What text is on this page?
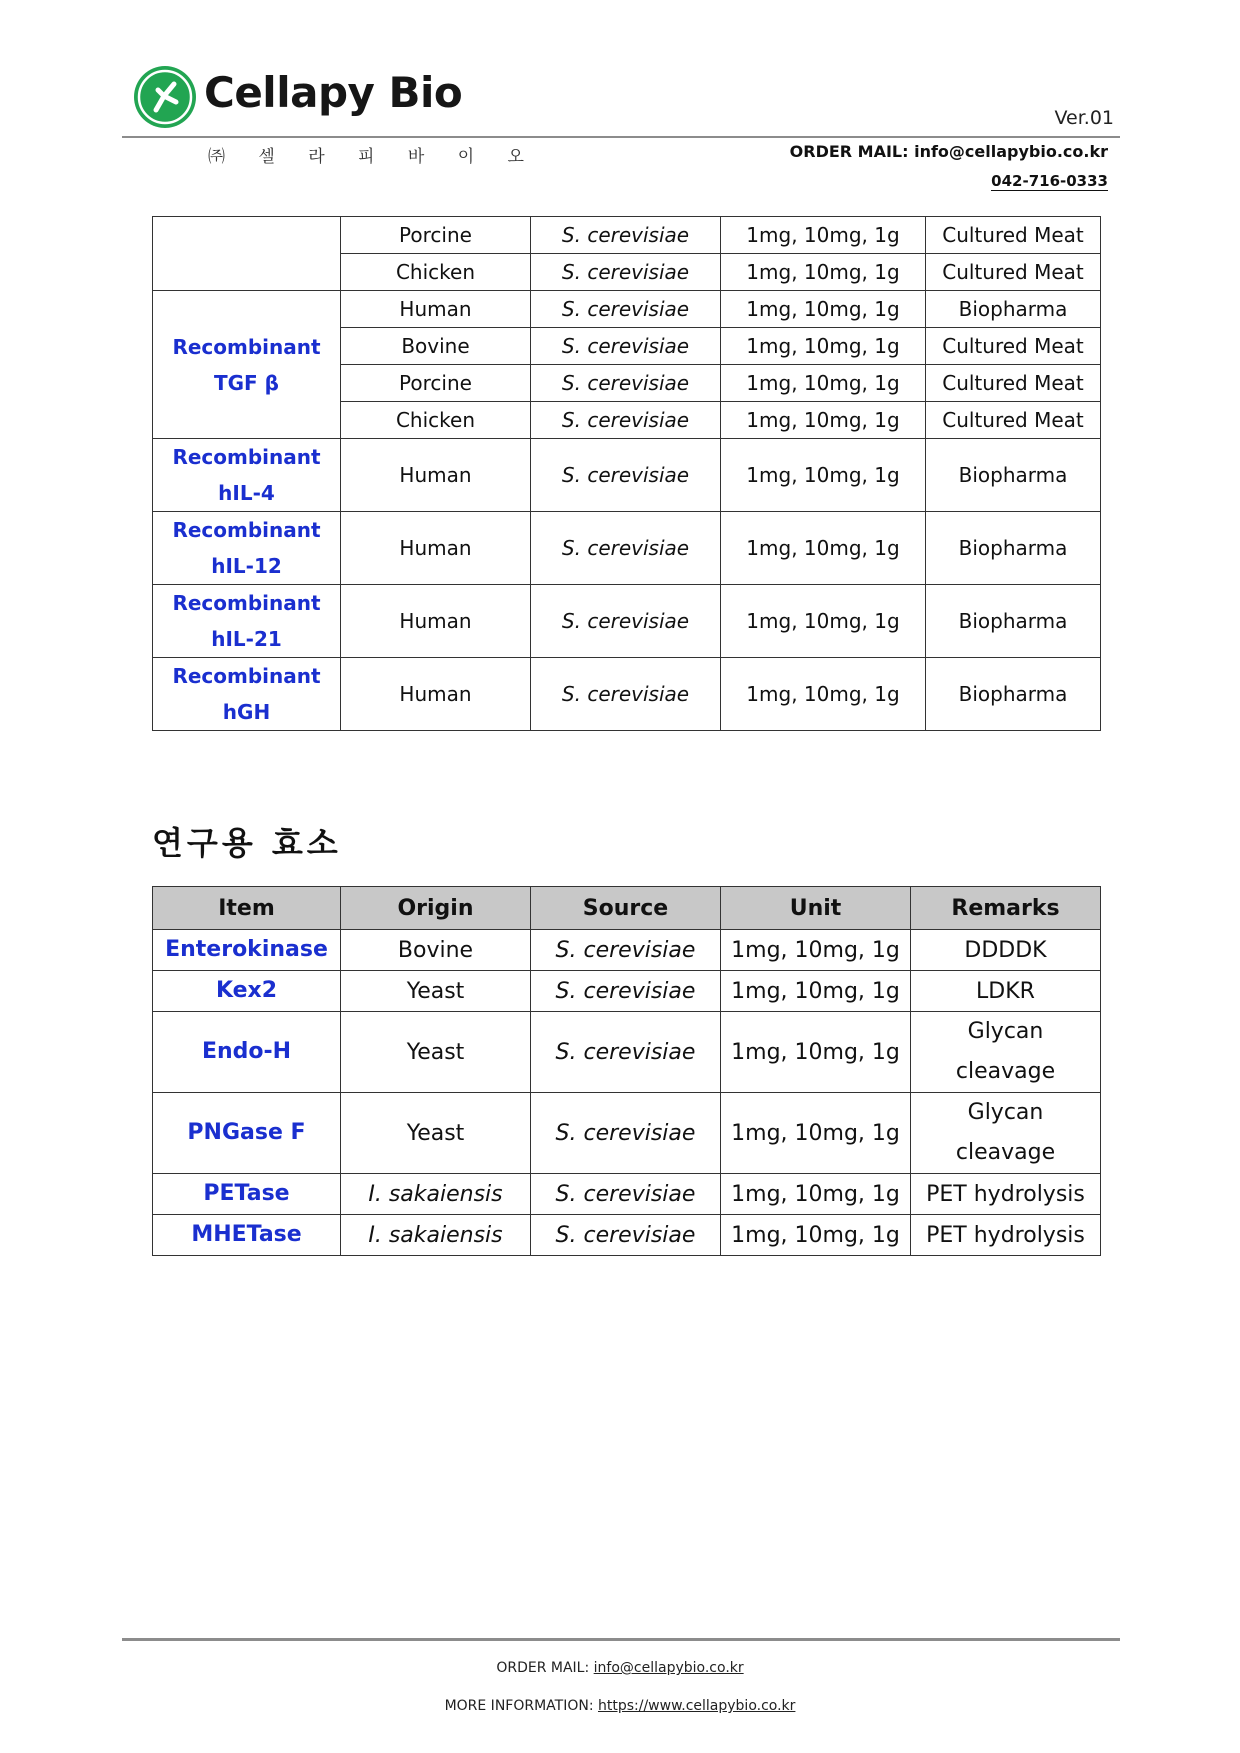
Cellapy Bio
Ver.01
㈜ 셀 라 피 바 이 오	ORDER MAIL: info@cellapybio.co.kr
042-716-0333
	Porcine	S. cerevisiae	1mg, 10mg, 1g	Cultured Meat
	Chicken	S. cerevisiae	1mg, 10mg, 1g	Cultured Meat

Recombinant
TGF β	Human	S. cerevisiae	1mg, 10mg, 1g	Biopharma
	Bovine	S. cerevisiae	1mg, 10mg, 1g	Cultured Meat
	Porcine	S. cerevisiae	1mg, 10mg, 1g	Cultured Meat
	Chicken	S. cerevisiae	1mg, 10mg, 1g	Cultured Meat

Recombinant
hIL-4	Human	S. cerevisiae	1mg, 10mg, 1g	Biopharma

Recombinant
hIL-12	Human	S. cerevisiae	1mg, 10mg, 1g	Biopharma

Recombinant
hIL-21	Human	S. cerevisiae	1mg, 10mg, 1g	Biopharma

Recombinant
hGH	Human	S. cerevisiae	1mg, 10mg, 1g	Biopharma
연구용 효소
Item	Origin	Source	Unit	Remarks
Enterokinase	Bovine	S. cerevisiae	1mg, 10mg, 1g	DDDDK
Kex2	Yeast	S. cerevisiae	1mg, 10mg, 1g	LDKR
Endo-H	Yeast	S. cerevisiae	1mg, 10mg, 1g	Glycan
cleavage

PNGase F	Yeast	S. cerevisiae	1mg, 10mg, 1g	Glycan
cleavage

PETase	I. sakaiensis	S. cerevisiae	1mg, 10mg, 1g	PET hydrolysis
MHETase	I. sakaiensis	S. cerevisiae	1mg, 10mg, 1g	PET hydrolysis
ORDER MAIL: info@cellapybio.co.kr
MORE INFORMATION: https://www.cellapybio.co.kr
